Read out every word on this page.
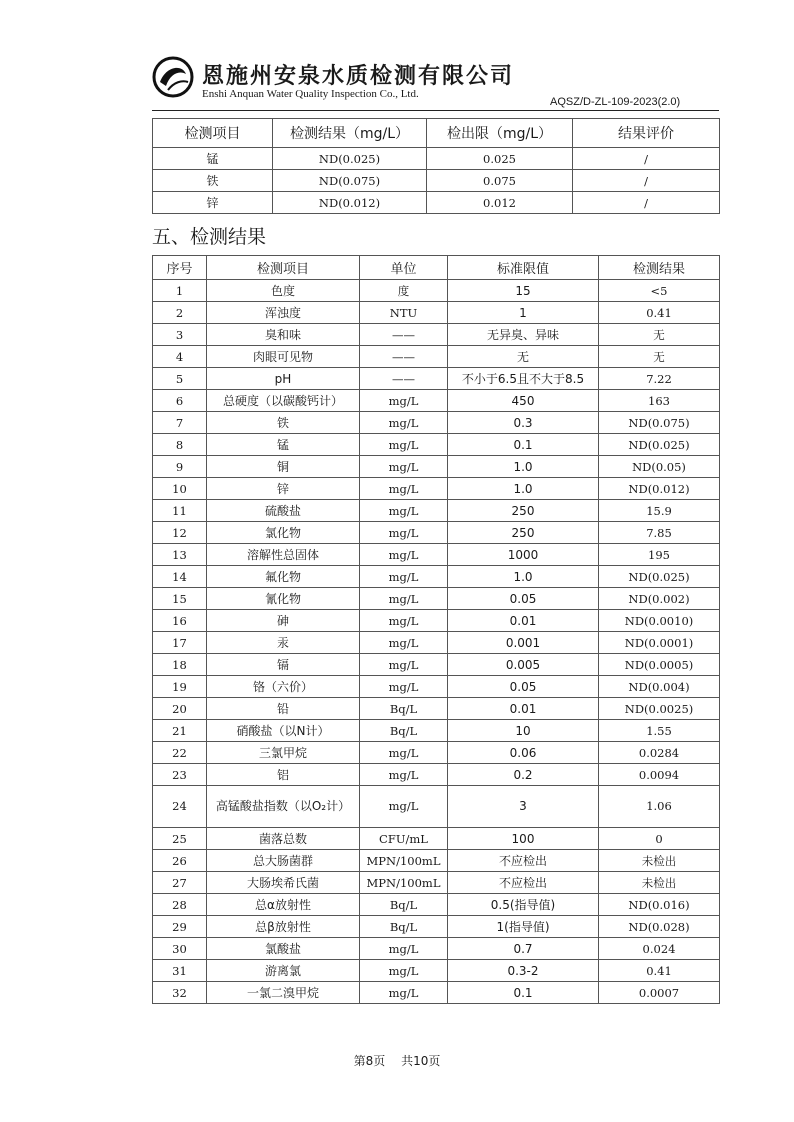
恩施州安泉水质检测有限公司
Enshi Anquan Water Quality Inspection Co., Ltd.
AQSZ/D-ZL-109-2023(2.0)
检测项目	检测结果（mg/L）	检出限（mg/L）	结果评价
锰	ND(0.025)	0.025	/
铁	ND(0.075)	0.075	/
锌	ND(0.012)	0.012	/
五、检测结果
序号	检测项目	单位	标准限值	检测结果
1	色度	度	15	<5
2	浑浊度	NTU	1	0.41
3	臭和味	——	无异臭、异味	无
4	肉眼可见物	——	无	无
5	pH	——	不小于6.5且不大于8.5	7.22
6	总硬度（以碳酸钙计）	mg/L	450	163
7	铁	mg/L	0.3	ND(0.075)
8	锰	mg/L	0.1	ND(0.025)
9	铜	mg/L	1.0	ND(0.05)
10	锌	mg/L	1.0	ND(0.012)
11	硫酸盐	mg/L	250	15.9
12	氯化物	mg/L	250	7.85
13	溶解性总固体	mg/L	1000	195
14	氟化物	mg/L	1.0	ND(0.025)
15	氰化物	mg/L	0.05	ND(0.002)
16	砷	mg/L	0.01	ND(0.0010)
17	汞	mg/L	0.001	ND(0.0001)
18	镉	mg/L	0.005	ND(0.0005)
19	铬（六价）	mg/L	0.05	ND(0.004)
20	铅	Bq/L	0.01	ND(0.0025)
21	硝酸盐（以N计）	Bq/L	10	1.55
22	三氯甲烷	mg/L	0.06	0.0284
23	铝	mg/L	0.2	0.0094
24	高锰酸盐指数（以O₂计）	mg/L	3	1.06
25	菌落总数	CFU/mL	100	0
26	总大肠菌群	MPN/100mL	不应检出	未检出
27	大肠埃希氏菌	MPN/100mL	不应检出	未检出
28	总α放射性	Bq/L	0.5(指导值)	ND(0.016)
29	总β放射性	Bq/L	1(指导值)	ND(0.028)
30	氯酸盐	mg/L	0.7	0.024
31	游离氯	mg/L	0.3-2	0.41
32	一氯二溴甲烷	mg/L	0.1	0.0007
第8页 共10页
